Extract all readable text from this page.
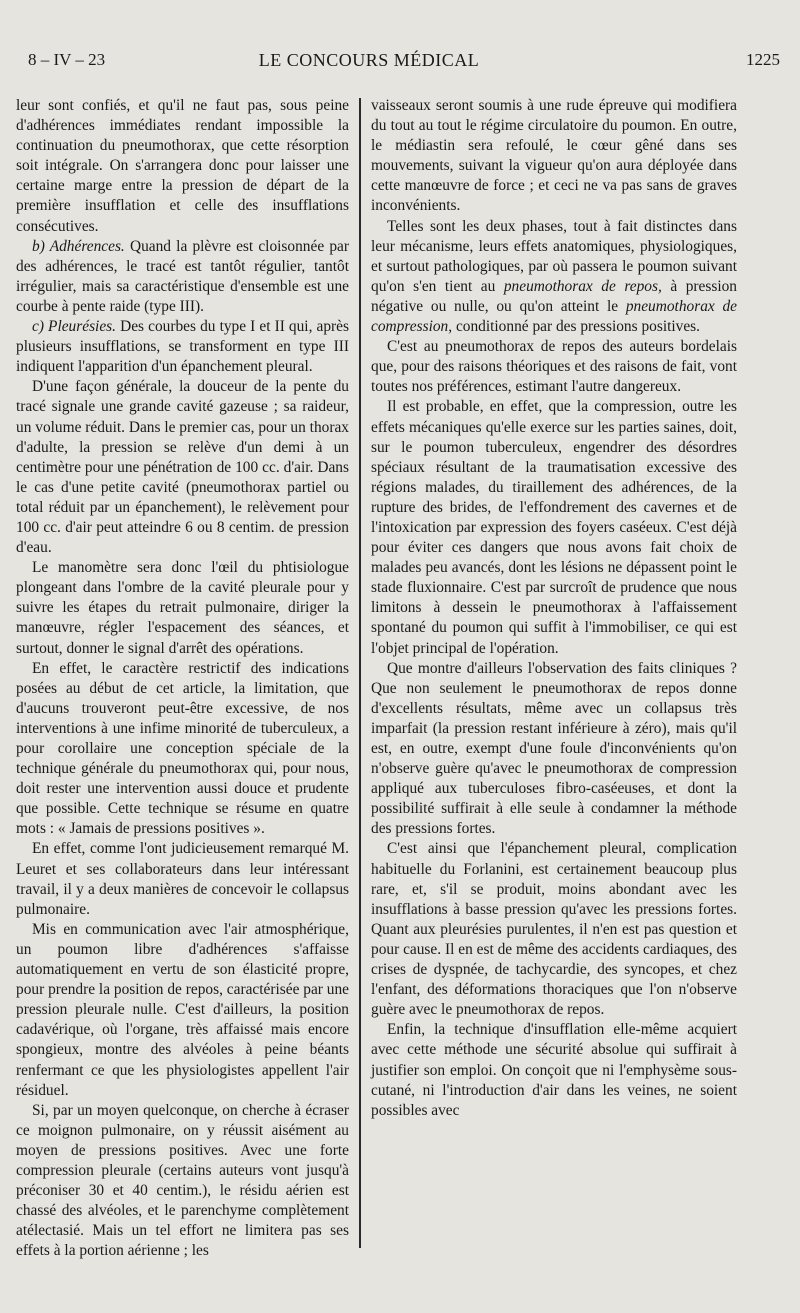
8 – IV – 23	LE CONCOURS MÉDICAL	1225

leur sont confiés, et qu'il ne faut pas, sous peine d'adhérences immédiates rendant impossible la continuation du pneumothorax, que cette résorption soit intégrale. On s'arrangera donc pour laisser une certaine marge entre la pression de départ de la première insufflation et celle des insufflations consécutives.

b) Adhérences. Quand la plèvre est cloisonnée par des adhérences, le tracé est tantôt régulier, tantôt irrégulier, mais sa caractéristique d'ensemble est une courbe à pente raide (type III).

c) Pleurésies. Des courbes du type I et II qui, après plusieurs insufflations, se transforment en type III indiquent l'apparition d'un épanchement pleural.

D'une façon générale, la douceur de la pente du tracé signale une grande cavité gazeuse ; sa raideur, un volume réduit. Dans le premier cas, pour un thorax d'adulte, la pression se relève d'un demi à un centimètre pour une pénétration de 100 cc. d'air. Dans le cas d'une petite cavité (pneumothorax partiel ou total réduit par un épanchement), le relèvement pour 100 cc. d'air peut atteindre 6 ou 8 centim. de pression d'eau.

Le manomètre sera donc l'œil du phtisiologue plongeant dans l'ombre de la cavité pleurale pour y suivre les étapes du retrait pulmonaire, diriger la manœuvre, régler l'espacement des séances, et surtout, donner le signal d'arrêt des opérations.

En effet, le caractère restrictif des indications posées au début de cet article, la limitation, que d'aucuns trouveront peut-être excessive, de nos interventions à une infime minorité de tuberculeux, a pour corollaire une conception spéciale de la technique générale du pneumothorax qui, pour nous, doit rester une intervention aussi douce et prudente que possible. Cette technique se résume en quatre mots : « Jamais de pressions positives ».

En effet, comme l'ont judicieusement remarqué M. Leuret et ses collaborateurs dans leur intéressant travail, il y a deux manières de concevoir le collapsus pulmonaire.

Mis en communication avec l'air atmosphérique, un poumon libre d'adhérences s'affaisse automatiquement en vertu de son élasticité propre, pour prendre la position de repos, caractérisée par une pression pleurale nulle. C'est d'ailleurs, la position cadavérique, où l'organe, très affaissé mais encore spongieux, montre des alvéoles à peine béants renfermant ce que les physiologistes appellent l'air résiduel.

Si, par un moyen quelconque, on cherche à écraser ce moignon pulmonaire, on y réussit aisément au moyen de pressions positives. Avec une forte compression pleurale (certains auteurs vont jusqu'à préconiser 30 et 40 centim.), le résidu aérien est chassé des alvéoles, et le parenchyme complètement atélectasié. Mais un tel effort ne limitera pas ses effets à la portion aérienne ; les

vaisseaux seront soumis à une rude épreuve qui modifiera du tout au tout le régime circulatoire du poumon. En outre, le médiastin sera refoulé, le cœur gêné dans ses mouvements, suivant la vigueur qu'on aura déployée dans cette manœuvre de force ; et ceci ne va pas sans de graves inconvénients.

Telles sont les deux phases, tout à fait distinctes dans leur mécanisme, leurs effets anatomiques, physiologiques, et surtout pathologiques, par où passera le poumon suivant qu'on s'en tient au pneumothorax de repos, à pression négative ou nulle, ou qu'on atteint le pneumothorax de compression, conditionné par des pressions positives.

C'est au pneumothorax de repos des auteurs bordelais que, pour des raisons théoriques et des raisons de fait, vont toutes nos préférences, estimant l'autre dangereux.

Il est probable, en effet, que la compression, outre les effets mécaniques qu'elle exerce sur les parties saines, doit, sur le poumon tuberculeux, engendrer des désordres spéciaux résultant de la traumatisation excessive des régions malades, du tiraillement des adhérences, de la rupture des brides, de l'effondrement des cavernes et de l'intoxication par expression des foyers caséeux. C'est déjà pour éviter ces dangers que nous avons fait choix de malades peu avancés, dont les lésions ne dépassent point le stade fluxionnaire. C'est par surcroît de prudence que nous limitons à dessein le pneumothorax à l'affaissement spontané du poumon qui suffit à l'immobiliser, ce qui est l'objet principal de l'opération.

Que montre d'ailleurs l'observation des faits cliniques ? Que non seulement le pneumothorax de repos donne d'excellents résultats, même avec un collapsus très imparfait (la pression restant inférieure à zéro), mais qu'il est, en outre, exempt d'une foule d'inconvénients qu'on n'observe guère qu'avec le pneumothorax de compression appliqué aux tuberculoses fibro-caséeuses, et dont la possibilité suffirait à elle seule à condamner la méthode des pressions fortes.

C'est ainsi que l'épanchement pleural, complication habituelle du Forlanini, est certainement beaucoup plus rare, et, s'il se produit, moins abondant avec les insufflations à basse pression qu'avec les pressions fortes. Quant aux pleurésies purulentes, il n'en est pas question et pour cause. Il en est de même des accidents cardiaques, des crises de dyspnée, de tachycardie, des syncopes, et chez l'enfant, des déformations thoraciques que l'on n'observe guère avec le pneumothorax de repos.

Enfin, la technique d'insufflation elle-même acquiert avec cette méthode une sécurité absolue qui suffirait à justifier son emploi. On conçoit que ni l'emphysème sous-cutané, ni l'introduction d'air dans les veines, ne soient possibles avec
